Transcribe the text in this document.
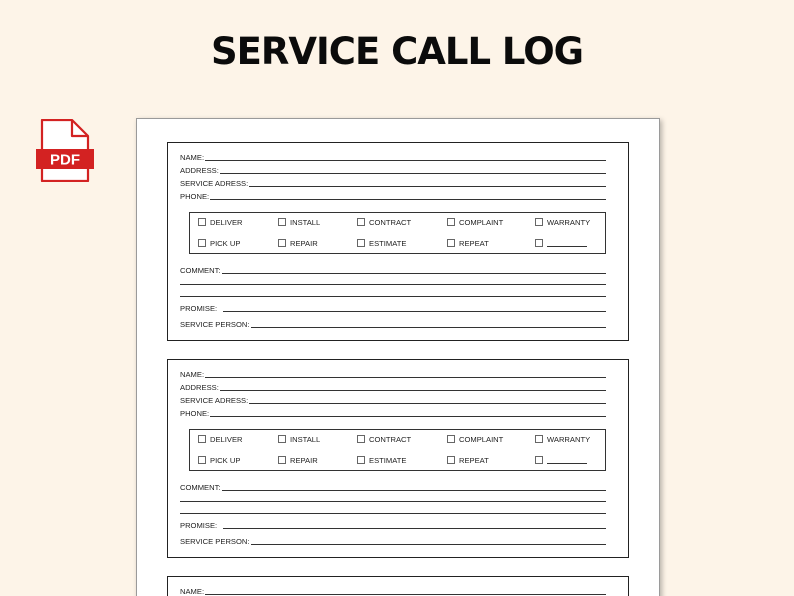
SERVICE CALL LOG
PDF	NAME:
ADDRESS:
SERVICE ADRESS:
PHONE:
DELIVER	INSTALL	CONTRACT	COMPLAINT	WARRANTY
PICK UP	REPAIR	ESTIMATE	REPEAT
COMMENT:
PROMISE:
SERVICE PERSON:
NAME:
ADDRESS:
SERVICE ADRESS:
PHONE:
DELIVER	INSTALL	CONTRACT	COMPLAINT	WARRANTY
PICK UP	REPAIR	ESTIMATE	REPEAT
COMMENT:
PROMISE:
SERVICE PERSON:
NAME:
